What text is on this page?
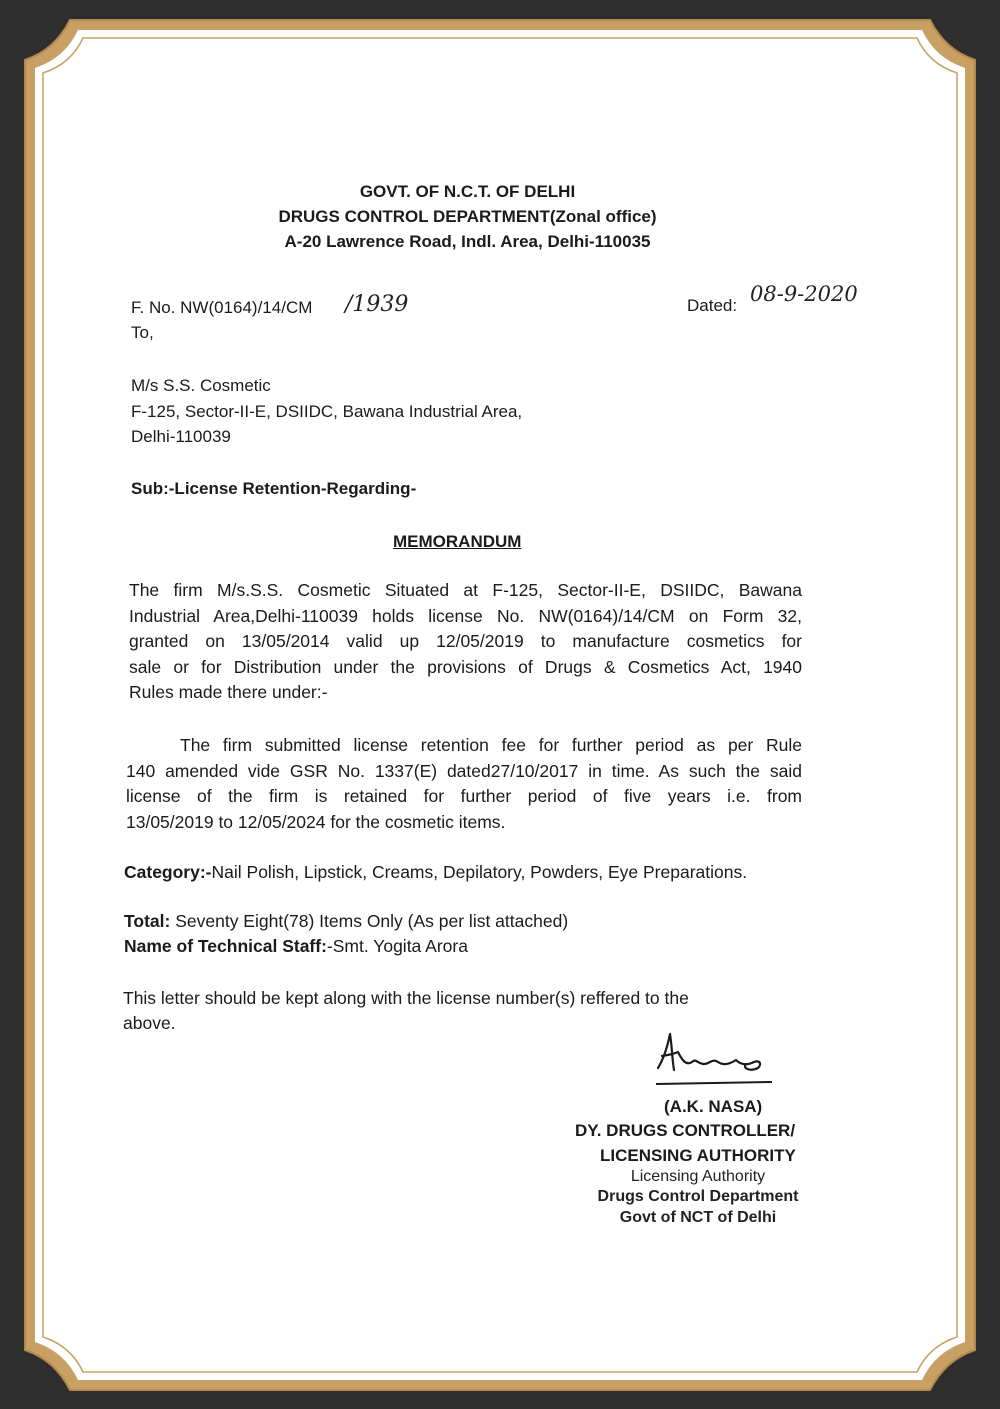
GOVT. OF N.C.T. OF DELHI
DRUGS CONTROL DEPARTMENT(Zonal office)
A-20 Lawrence Road, Indl. Area, Delhi-110035
F. No. NW(0164)/14/CM /1939	Dated: 08-9-2020
To,
M/s S.S. Cosmetic
F-125, Sector-II-E, DSIIDC, Bawana Industrial Area,
Delhi-110039
Sub:-License Retention-Regarding-
MEMORANDUM
The firm M/s.S.S. Cosmetic Situated at F-125, Sector-II-E, DSIIDC, Bawana
Industrial Area,Delhi-110039 holds license No. NW(0164)/14/CM on Form 32,
granted on 13/05/2014 valid up 12/05/2019 to manufacture cosmetics for
sale or for Distribution under the provisions of Drugs & Cosmetics Act, 1940
Rules made there under:-
The firm submitted license retention fee for further period as per Rule
140 amended vide GSR No. 1337(E) dated27/10/2017 in time. As such the said
license of the firm is retained for further period of five years i.e. from
13/05/2019 to 12/05/2024 for the cosmetic items.
Category:-Nail Polish, Lipstick, Creams, Depilatory, Powders, Eye Preparations.
Total: Seventy Eight(78) Items Only (As per list attached)
Name of Technical Staff:-Smt. Yogita Arora
This letter should be kept along with the license number(s) reffered to the
above.
(A.K. NASA)
DY. DRUGS CONTROLLER/
LICENSING AUTHORITY
Licensing Authority
Drugs Control Department
Govt of NCT of Delhi
